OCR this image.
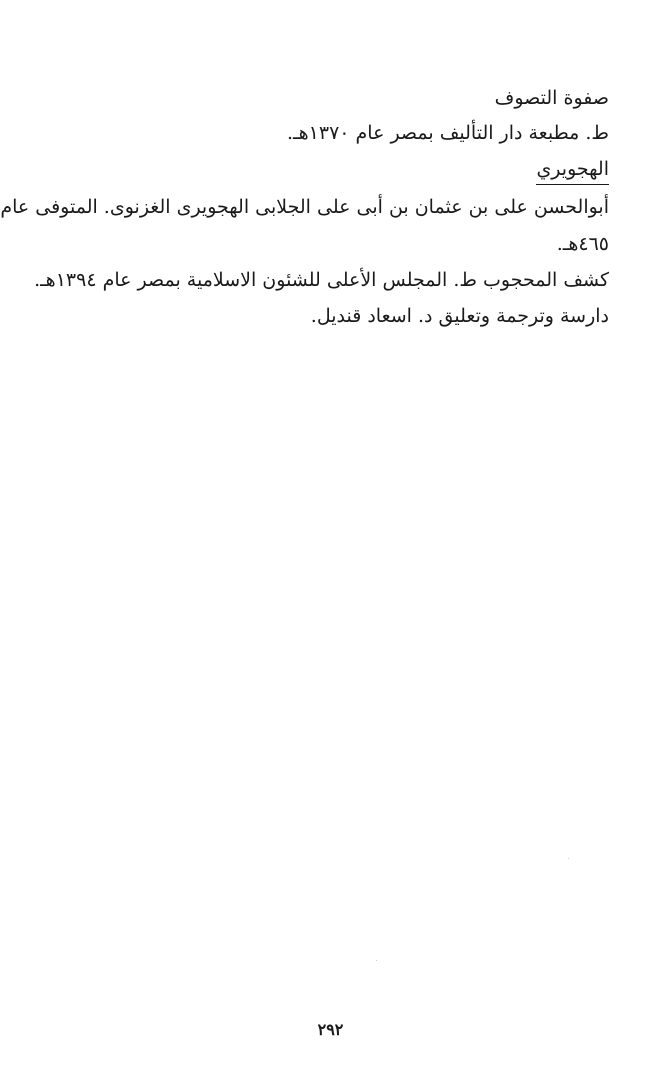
صفوة التصوف
ط. مطبعة دار التأليف بمصر عام ١٣٧٠هـ.
الهجويري
أبوالحسن على بن عثمان بن أبى على الجلابى الهجويرى الغزنوى. المتوفى عام
٤٦٥هـ.
كشف المحجوب ط. المجلس الأعلى للشئون الاسلامية بمصر عام ١٣٩٤هـ.
دارسة وترجمة وتعليق د. اسعاد قنديل.
٢٩٢
